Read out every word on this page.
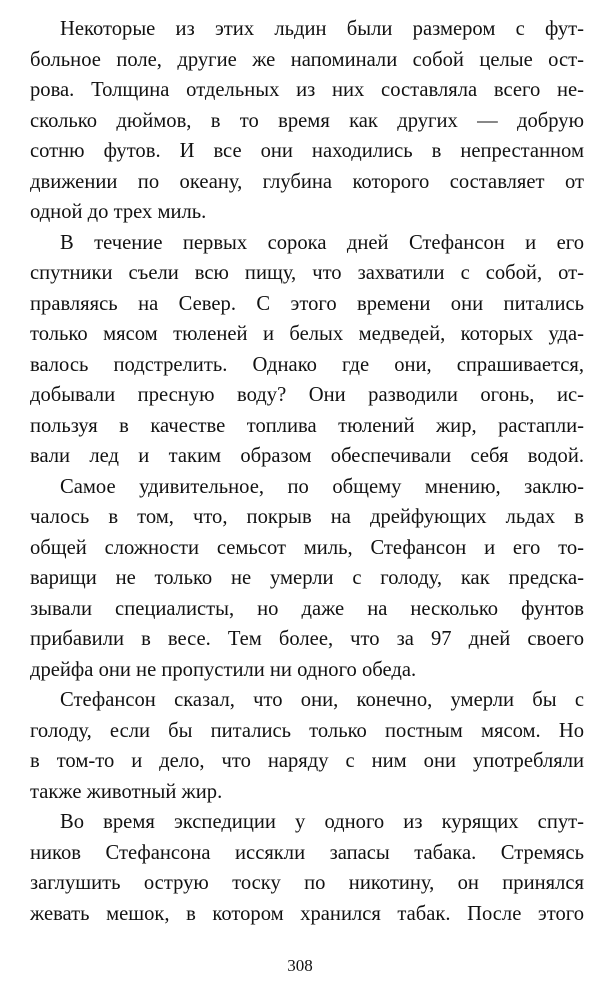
Некоторые из этих льдин были размером с фут-
больное поле, другие же напоминали собой целые ост-
рова. Толщина отдельных из них составляла всего не-
сколько дюймов, в то время как других — добрую
сотню футов. И все они находились в непрестанном
движении по океану, глубина которого составляет от
одной до трех миль.
В течение первых сорока дней Стефансон и его
спутники съели всю пищу, что захватили с собой, от-
правляясь на Север. С этого времени они питались
только мясом тюленей и белых медведей, которых уда-
валось подстрелить. Однако где они, спрашивается,
добывали пресную воду? Они разводили огонь, ис-
пользуя в качестве топлива тюлений жир, растапли-
вали лед и таким образом обеспечивали себя водой.
Самое удивительное, по общему мнению, заклю-
чалось в том, что, покрыв на дрейфующих льдах в
общей сложности семьсот миль, Стефансон и его то-
варищи не только не умерли с голоду, как предска-
зывали специалисты, но даже на несколько фунтов
прибавили в весе. Тем более, что за 97 дней своего
дрейфа они не пропустили ни одного обеда.
Стефансон сказал, что они, конечно, умерли бы с
голоду, если бы питались только постным мясом. Но
в том-то и дело, что наряду с ним они употребляли
также животный жир.
Во время экспедиции у одного из курящих спут-
ников Стефансона иссякли запасы табака. Стремясь
заглушить острую тоску по никотину, он принялся
жевать мешок, в котором хранился табак. После этого
308
